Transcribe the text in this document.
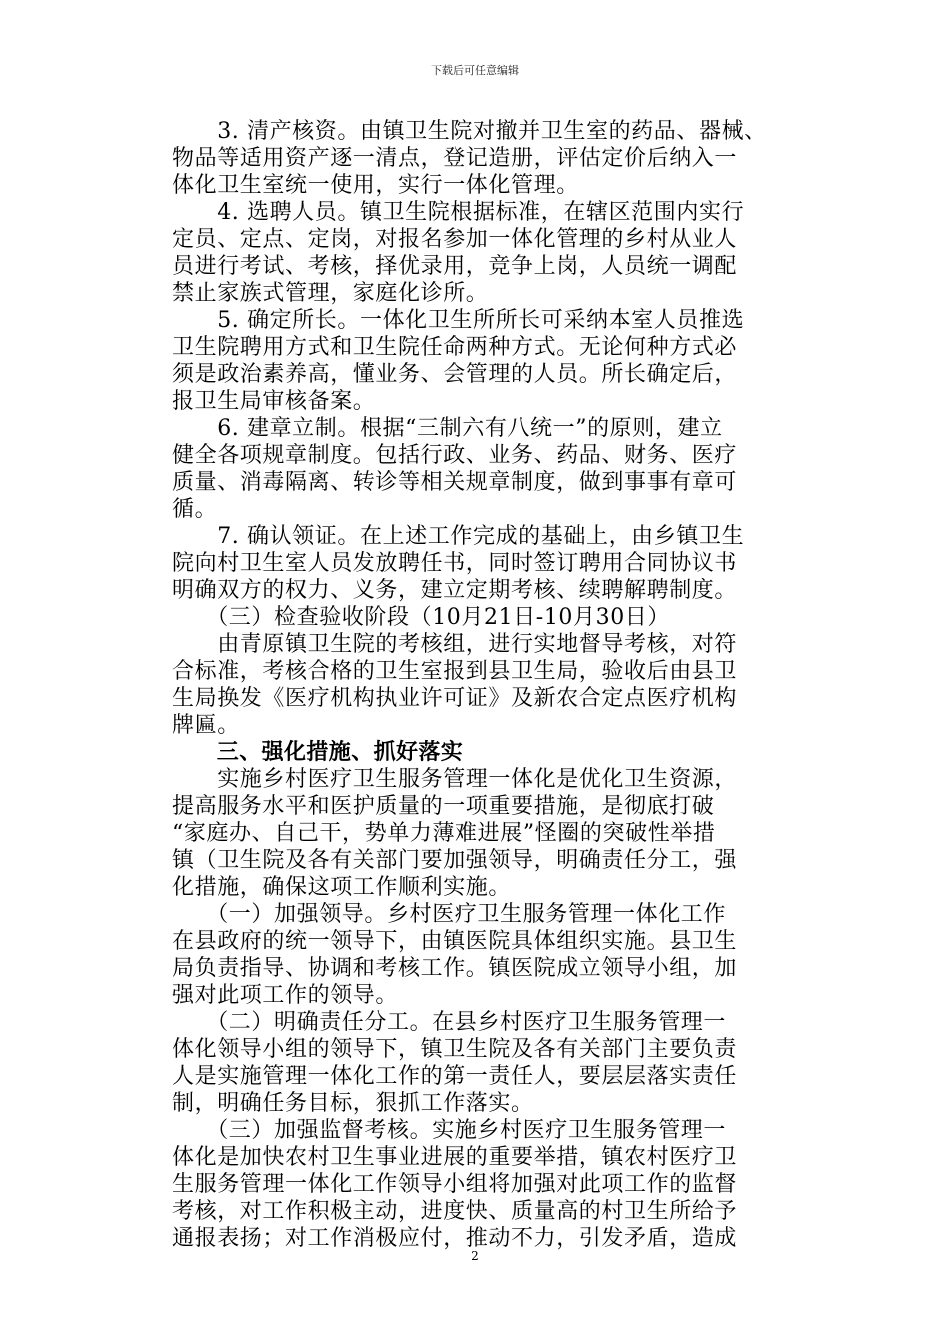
下载后可任意编辑

　　3. 清产核资。由镇卫生院对撤并卫生室的药品、器械、
物品等适用资产逐一清点，登记造册，评估定价后纳入一
体化卫生室统一使用，实行一体化管理。

　　4. 选聘人员。镇卫生院根据标准，在辖区范围内实行
定员、定点、定岗，对报名参加一体化管理的乡村从业人
员进行考试、考核，择优录用，竞争上岗，人员统一调配
禁止家族式管理，家庭化诊所。

　　5. 确定所长。一体化卫生所所长可采纳本室人员推选
卫生院聘用方式和卫生院任命两种方式。无论何种方式必
须是政治素养高，懂业务、会管理的人员。所长确定后，
报卫生局审核备案。

　　6. 建章立制。根据“三制六有八统一”的原则，建立
健全各项规章制度。包括行政、业务、药品、财务、医疗
质量、消毒隔离、转诊等相关规章制度，做到事事有章可
循。

　　7. 确认领证。在上述工作完成的基础上，由乡镇卫生
院向村卫生室人员发放聘任书，同时签订聘用合同协议书
明确双方的权力、义务，建立定期考核、续聘解聘制度。

　　（三）检查验收阶段（10月21日-10月30日）

　　由青原镇卫生院的考核组，进行实地督导考核，对符
合标准，考核合格的卫生室报到县卫生局，验收后由县卫
生局换发《医疗机构执业许可证》及新农合定点医疗机构
牌匾。

　　三、强化措施、抓好落实

　　实施乡村医疗卫生服务管理一体化是优化卫生资源，
提高服务水平和医护质量的一项重要措施，是彻底打破
“家庭办、自己干，势单力薄难进展”怪圈的突破性举措
镇（卫生院及各有关部门要加强领导，明确责任分工，强
化措施，确保这项工作顺利实施。

　　（一）加强领导。乡村医疗卫生服务管理一体化工作
在县政府的统一领导下，由镇医院具体组织实施。县卫生
局负责指导、协调和考核工作。镇医院成立领导小组，加
强对此项工作的领导。

　　（二）明确责任分工。在县乡村医疗卫生服务管理一
体化领导小组的领导下，镇卫生院及各有关部门主要负责
人是实施管理一体化工作的第一责任人，要层层落实责任
制，明确任务目标，狠抓工作落实。

　　（三）加强监督考核。实施乡村医疗卫生服务管理一
体化是加快农村卫生事业进展的重要举措，镇农村医疗卫
生服务管理一体化工作领导小组将加强对此项工作的监督
考核，对工作积极主动，进度快、质量高的村卫生所给予
通报表扬；对工作消极应付，推动不力，引发矛盾，造成

2
